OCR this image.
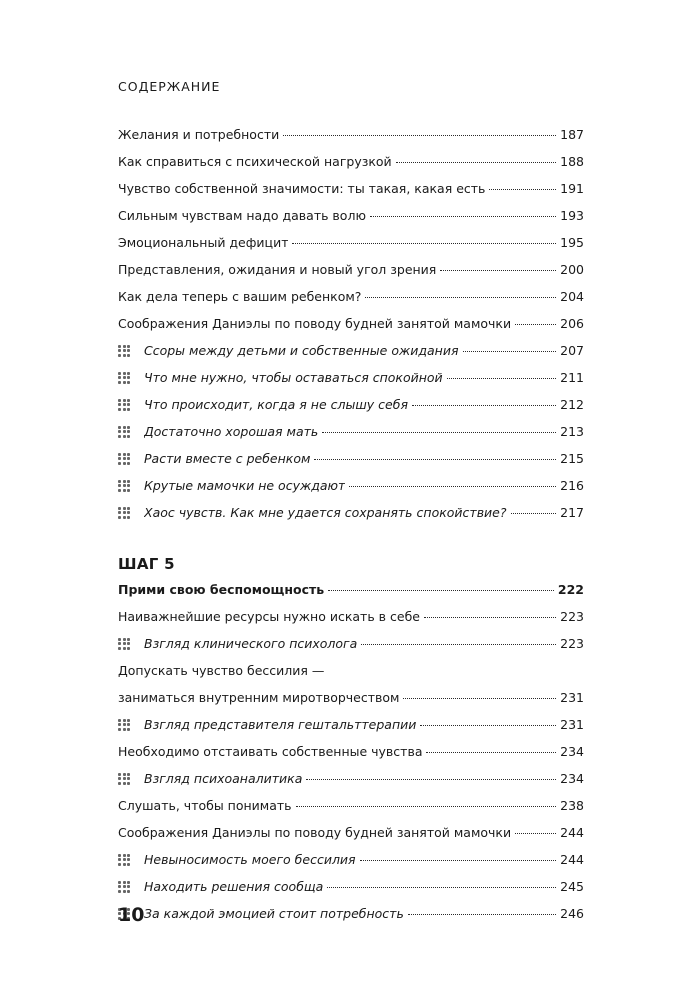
СОДЕРЖАНИЕ
Желания и потребности	187
Как справиться с психической нагрузкой	188
Чувство собственной значимости: ты такая, какая есть	191
Сильным чувствам надо давать волю	193
Эмоциональный дефицит	195
Представления, ожидания и новый угол зрения	200
Как дела теперь с вашим ребенком?	204
Соображения Даниэлы по поводу будней занятой мамочки	206
Ссоры между детьми и собственные ожидания	207
Что мне нужно, чтобы оставаться спокойной	211
Что происходит, когда я не слышу себя	212
Достаточно хорошая мать	213
Расти вместе с ребенком	215
Крутые мамочки не осуждают	216
Хаос чувств. Как мне удается сохранять спокойствие?	217
ШАГ 5
Прими свою беспомощность	222
Наиважнейшие ресурсы нужно искать в себе	223
Взгляд клинического психолога	223
Допускать чувство бессилия —
заниматься внутренним миротворчеством	231
Взгляд представителя гештальттерапии	231
Необходимо отстаивать собственные чувства	234
Взгляд психоаналитика	234
Слушать, чтобы понимать	238
Соображения Даниэлы по поводу будней занятой мамочки	244
Невыносимость моего бессилия	244
Находить решения сообща	245
За каждой эмоцией стоит потребность	246
10
